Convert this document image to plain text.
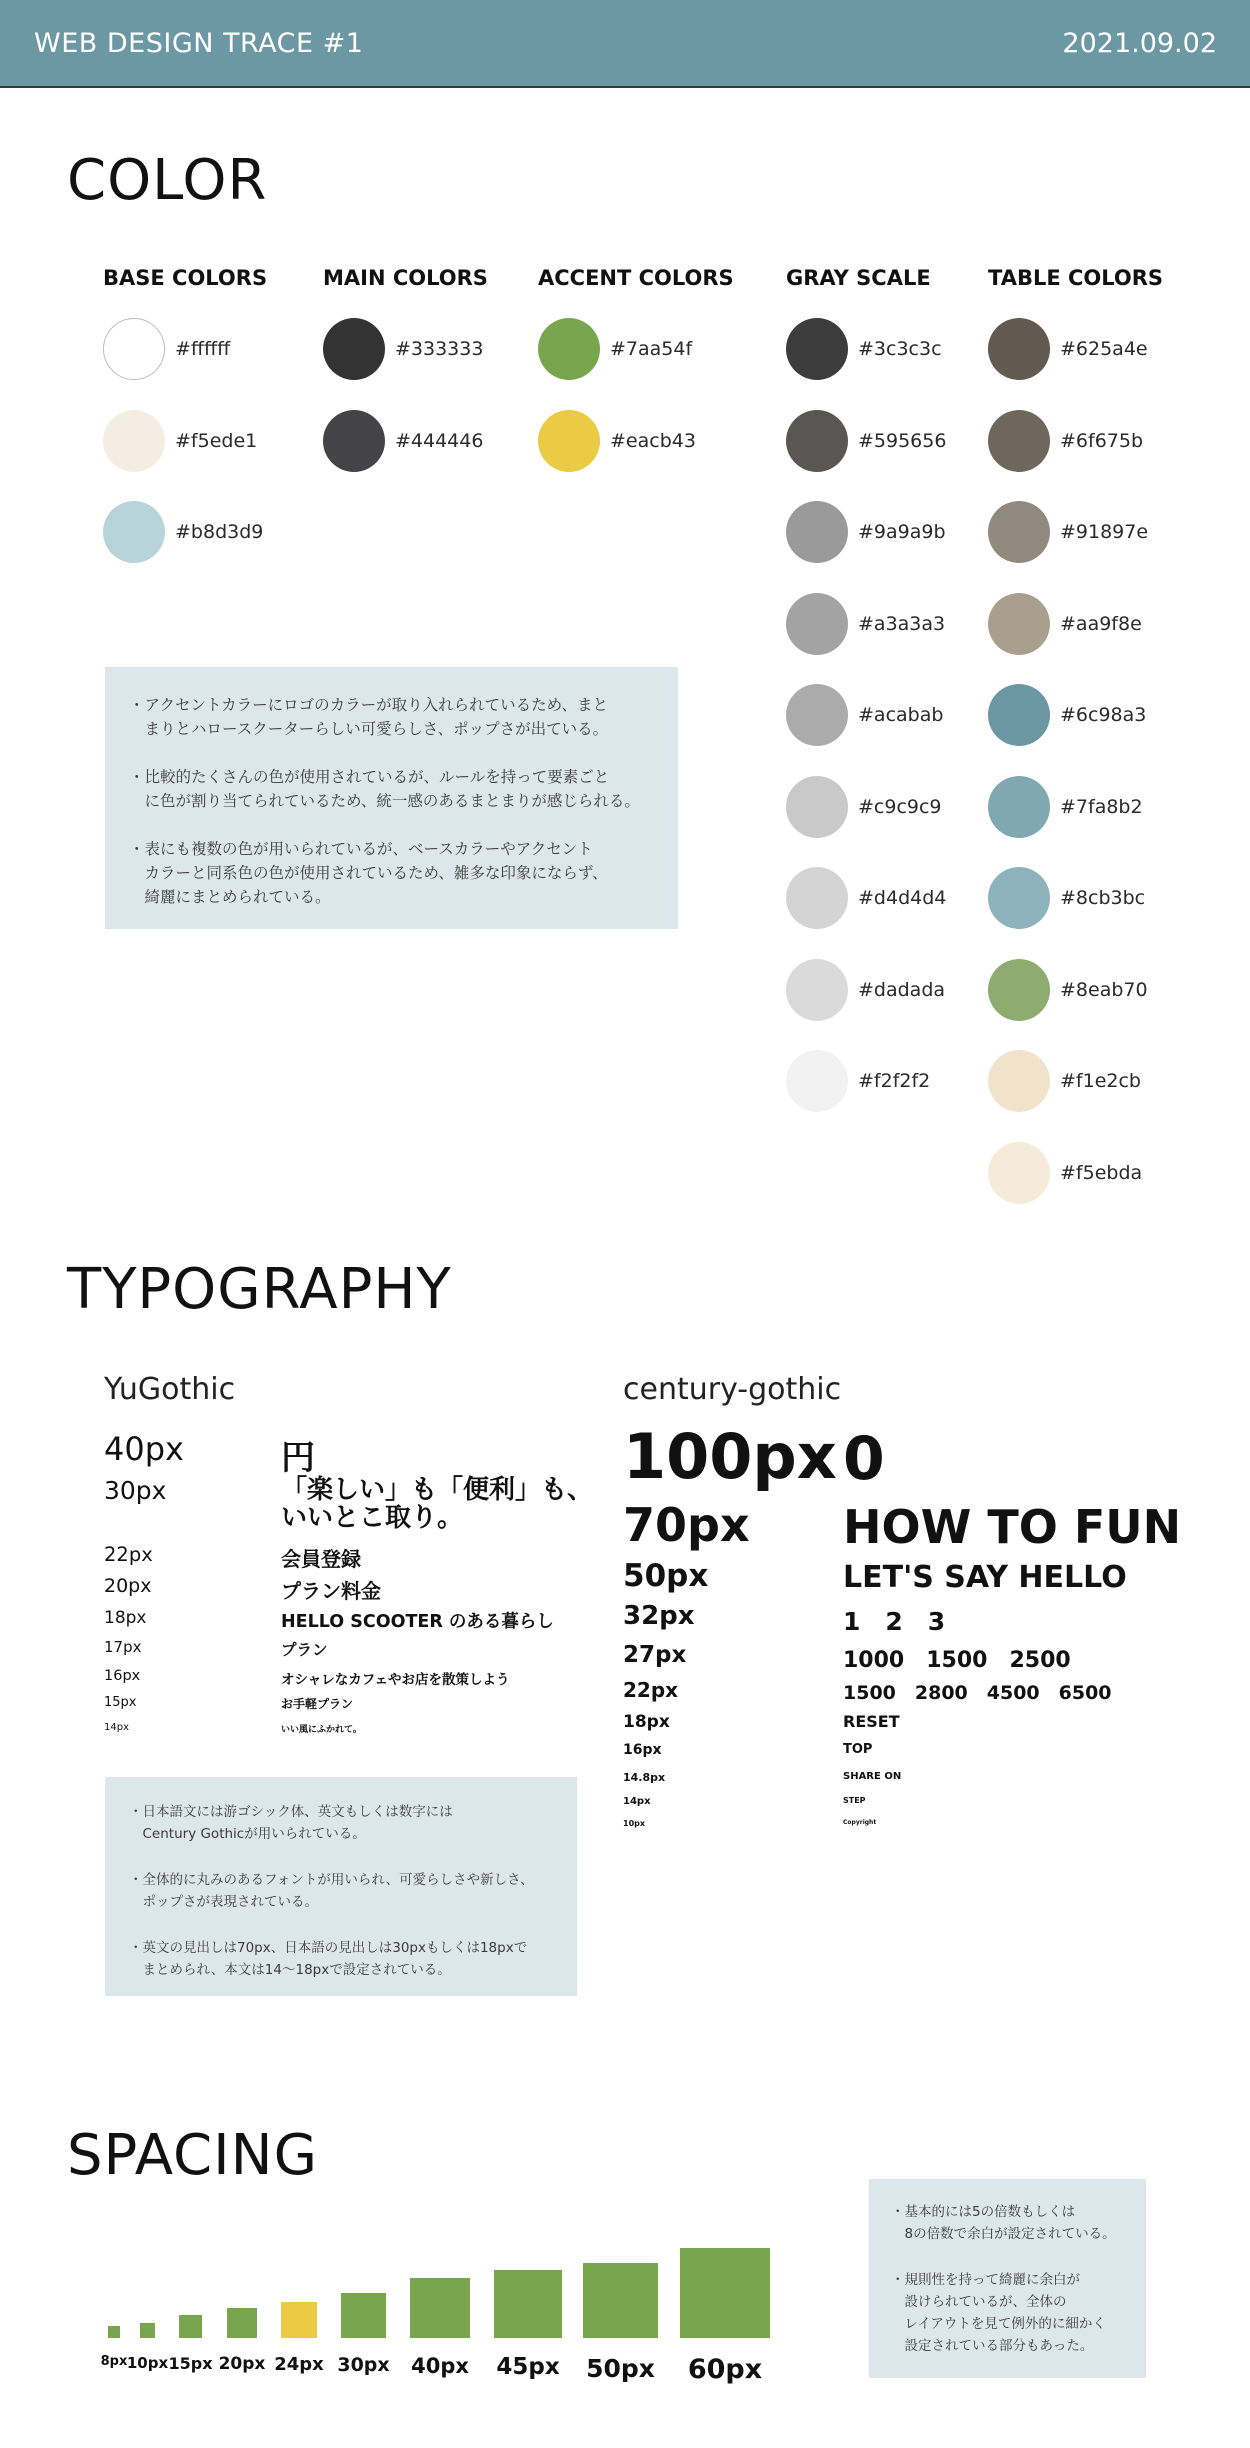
WEB DESIGN TRACE #1	2021.09.02
COLOR
BASE COLORS
#ffffff
#f5ede1
#b8d3d9
MAIN COLORS
#333333
#444446
ACCENT COLORS
#7aa54f
#eacb43
GRAY SCALE
#3c3c3c
#595656
#9a9a9b
#a3a3a3
#acabab
#c9c9c9
#d4d4d4
#dadada
#f2f2f2
TABLE COLORS
#625a4e
#6f675b
#91897e
#aa9f8e
#6c98a3
#7fa8b2
#8cb3bc
#8eab70
#f1e2cb
#f5ebda

・アクセントカラーにロゴのカラーが取り入れられているため、まと
　まりとハロースクーターらしい可愛らしさ、ポップさが出ている。

・比較的たくさんの色が使用されているが、ルールを持って要素ごと
　に色が割り当てられているため、統一感のあるまとまりが感じられる。

・表にも複数の色が用いられているが、ベースカラーやアクセント
　カラーと同系色の色が使用されているため、雑多な印象にならず、
　綺麗にまとめられている。

TYPOGRAPHY
YuGothic
40px	円
30px	「楽しい」も「便利」も、
いいとこ取り。
22px	会員登録
20px	プラン料金
18px	HELLO SCOOTER のある暮らし
17px	プラン
16px	オシャレなカフェやお店を散策しよう
15px	お手軽プラン
14px	いい風にふかれて。
century-gothic
100px 0
70px HOW TO FUN
50px	LET'S SAY HELLO
32px	1　2　3
27px	1000　1500　2500
22px	1500　2800　4500　6500
18px	RESET
16px	TOP
14.8px	SHARE ON
14px	STEP
10px	Copyright

・日本語文には游ゴシック体、英文もしくは数字には
　Century Gothicが用いられている。

・全体的に丸みのあるフォントが用いられ、可愛らしさや新しさ、
　ポップさが表現されている。

・英文の見出しは70px、日本語の見出しは30pxもしくは18pxで
　まとめられ、本文は14〜18pxで設定されている。

SPACING
8px 10px 15px 20px 24px 30px	40px	45px	50px 60px

・基本的には5の倍数もしくは
　8の倍数で余白が設定されている。

・規則性を持って綺麗に余白が
　設けられているが、全体の
　レイアウトを見て例外的に細かく
　設定されている部分もあった。
